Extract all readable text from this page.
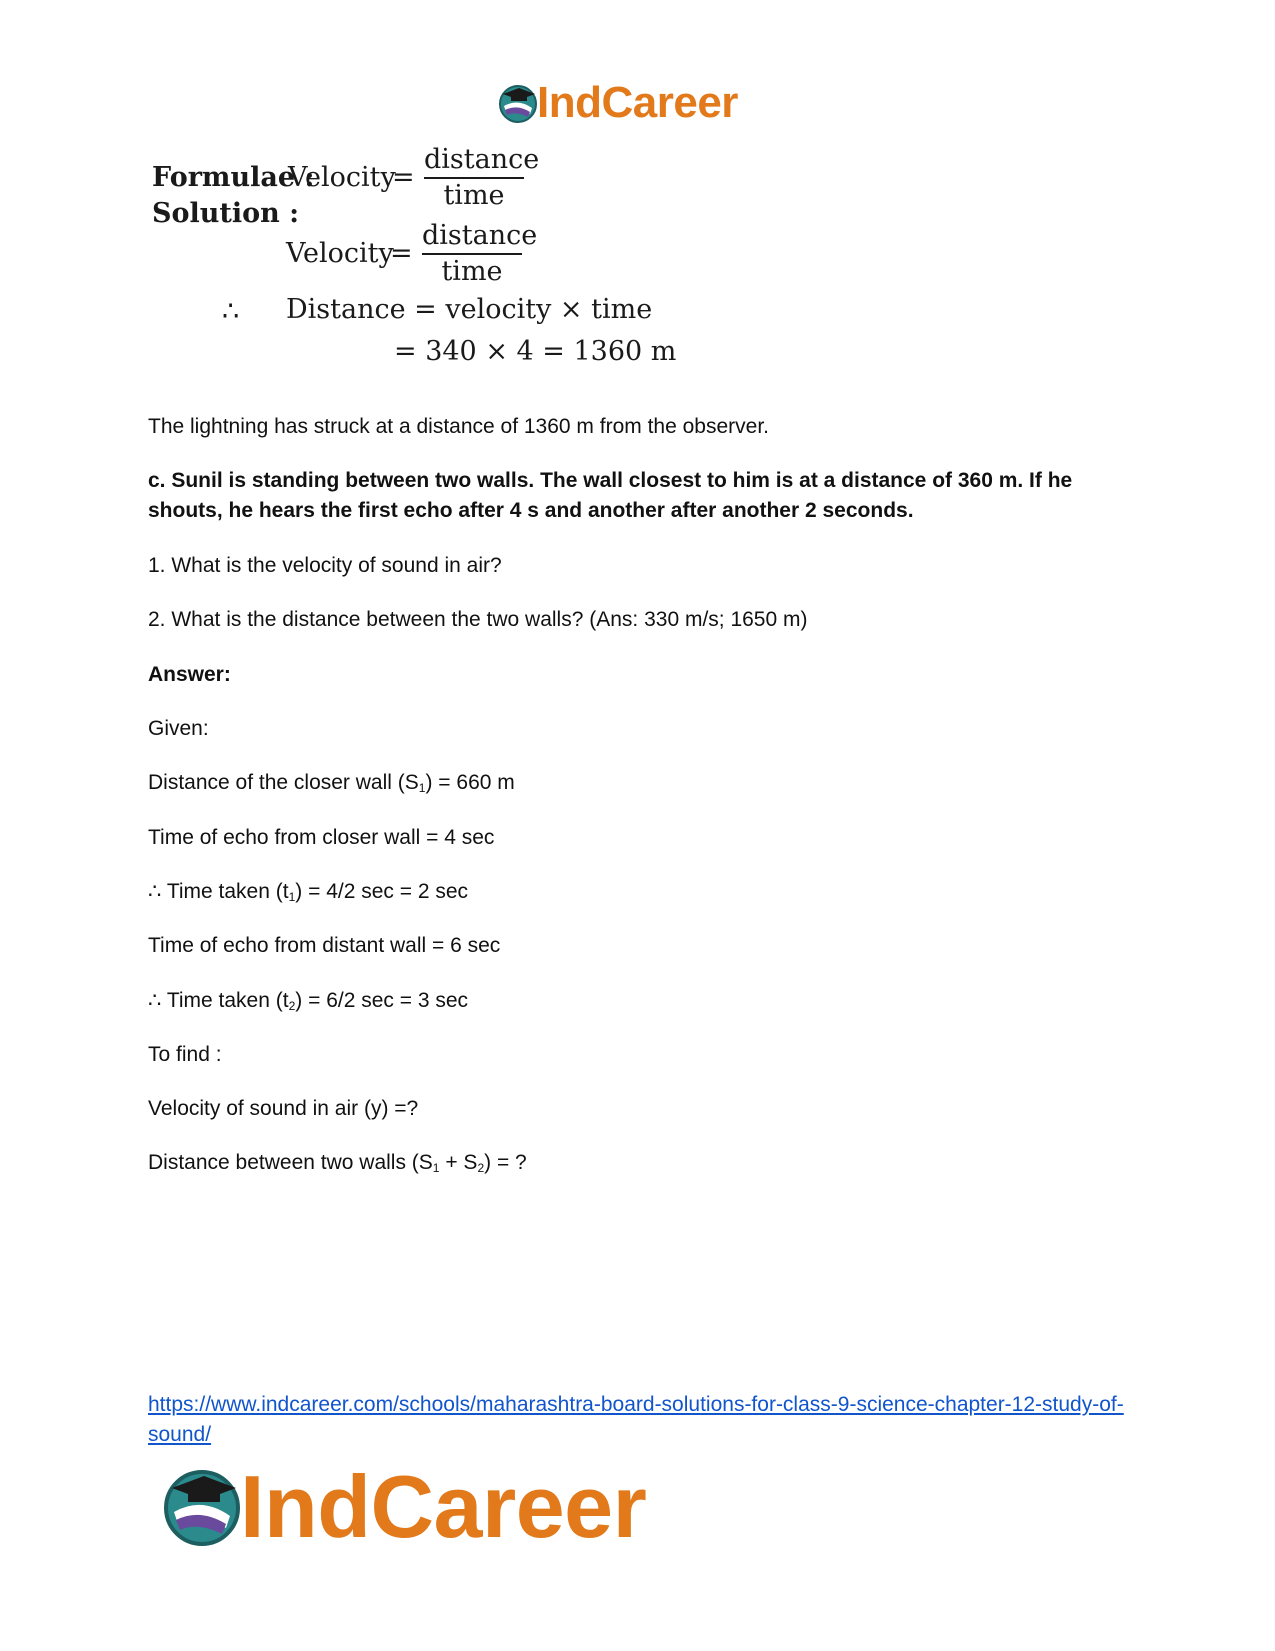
IndCareer
Formulae :
Solution :
Velocity
=
distance
time
Velocity
=
distance
time
∴ Distance = velocity × time
= 340 × 4 = 1360 m
The lightning has struck at a distance of 1360 m from the observer.
c. Sunil is standing between two walls. The wall closest to him is at a distance of 360 m. If he shouts, he hears the first echo after 4 s and another after another 2 seconds.
1. What is the velocity of sound in air?
2. What is the distance between the two walls? (Ans: 330 m/s; 1650 m)
Answer:
Given:
Distance of the closer wall $(S_1) = 660$ m
Time of echo from closer wall = 4 sec
∴ Time taken $(t_1) = 4/2$ sec = 2 sec
Time of echo from distant wall = 6 sec
∴ Time taken $(t_2) = 6/2$ sec = 3 sec
To find :
Velocity of sound in air (y) =?
Distance between two walls $(S_1 + S_2)$ = ?
https://www.indcareer.com/schools/maharashtra-board-solutions-for-class-9-science-chapter-12-study-of-sound/
IndCareer
